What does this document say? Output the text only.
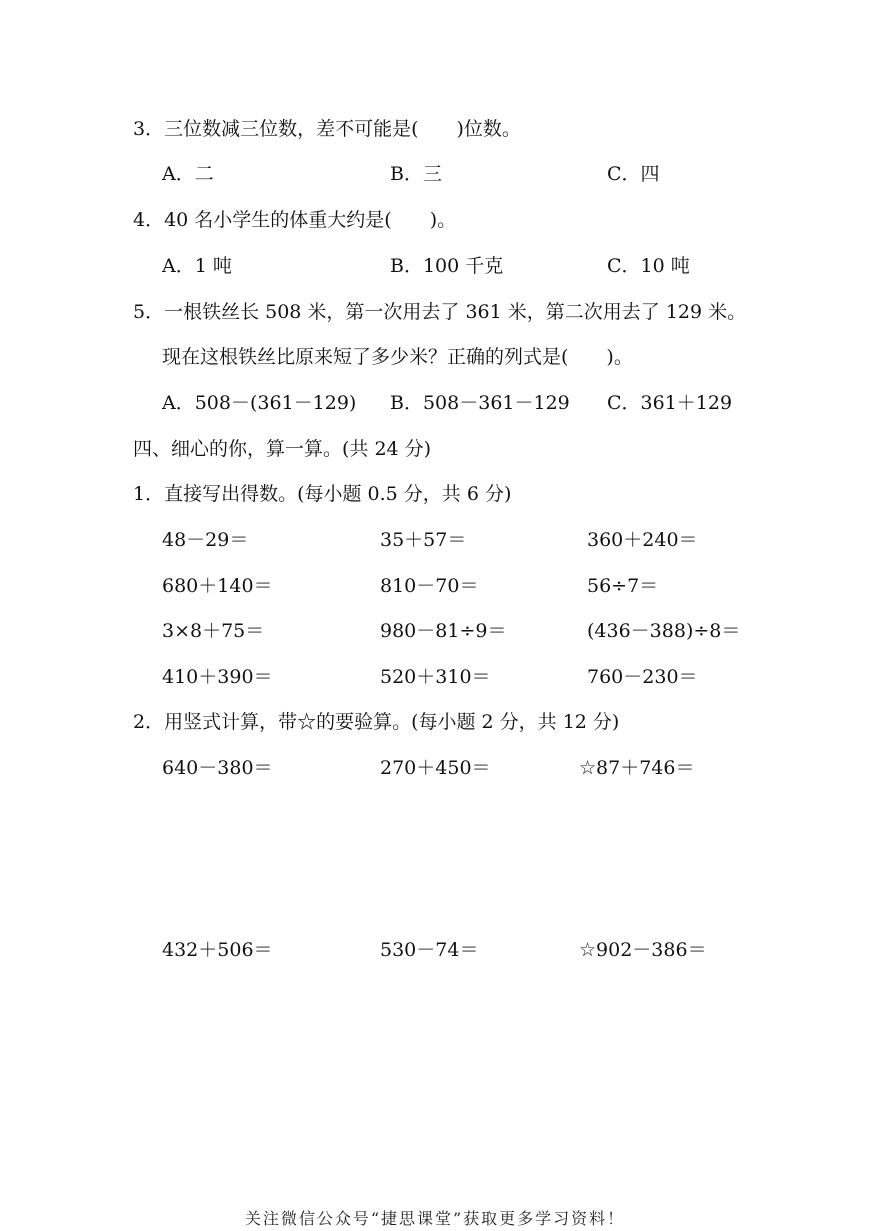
3．三位数减三位数，差不可能是(　　)位数。
A．二	B．三	C．四
4．40 名小学生的体重大约是(　　)。
A．1 吨	B．100 千克	C．10 吨
5．一根铁丝长 508 米，第一次用去了 361 米，第二次用去了 129 米。
现在这根铁丝比原来短了多少米？正确的列式是(　　)。
A．508－(361－129) B．508－361－129 C．361＋129
四、细心的你，算一算。(共 24 分)
1．直接写出得数。(每小题 0.5 分，共 6 分)
48－29＝	35＋57＝	360＋240＝
680＋140＝	810－70＝	56÷7＝
3×8＋75＝	980－81÷9＝	(436－388)÷8＝
410＋390＝	520＋310＝	760－230＝
2．用竖式计算，带☆的要验算。(每小题 2 分，共 12 分)
640－380＝	270＋450＝	☆87＋746＝
432＋506＝	530－74＝	☆902－386＝
关注微信公众号“捷思课堂”获取更多学习资料！
